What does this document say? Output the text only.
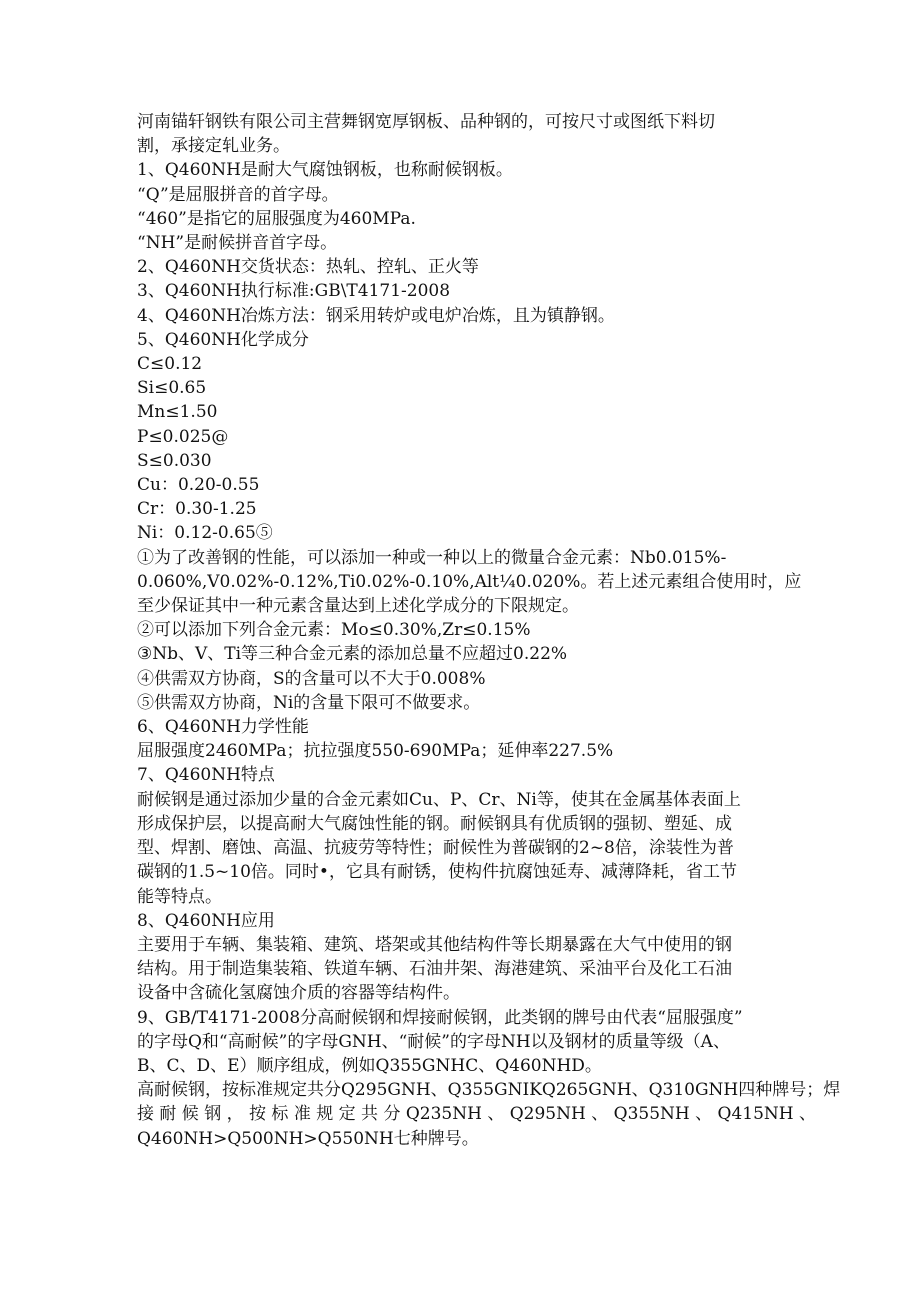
河南锚轩钢铁有限公司主营舞钢宽厚钢板、品种钢的，可按尺寸或图纸下料切
割，承接定轧业务。
1、Q460NH是耐大气腐蚀钢板，也称耐候钢板。
“Q”是屈服拼音的首字母。
“460”是指它的屈服强度为460MPa.
“NH”是耐候拼音首字母。
2、Q460NH交货状态：热轧、控轧、正火等
3、Q460NH执行标准:GB\T4171-2008
4、Q460NH冶炼方法：钢采用转炉或电炉冶炼，且为镇静钢。
5、Q460NH化学成分
C≤0.12
Si≤0.65
Mn≤1.50
P≤0.025@
S≤0.030
Cu：0.20-0.55
Cr：0.30-1.25
Ni：0.12-0.65⑤
①为了改善钢的性能，可以添加一种或一种以上的微量合金元素：Nb0.015%-
0.060%,V0.02%-0.12%,Ti0.02%-0.10%,Alt¼0.020%。若上述元素组合使用时，应
至少保证其中一种元素含量达到上述化学成分的下限规定。
②可以添加下列合金元素：Mo≤0.30%,Zr≤0.15%
③Nb、V、Ti等三种合金元素的添加总量不应超过0.22%
④供需双方协商，S的含量可以不大于0.008%
⑤供需双方协商，Ni的含量下限可不做要求。
6、Q460NH力学性能
屈服强度2460MPa；抗拉强度550-690MPa；延伸率227.5%
7、Q460NH特点
耐候钢是通过添加少量的合金元素如Cu、P、Cr、Ni等，使其在金属基体表面上
形成保护层，以提高耐大气腐蚀性能的钢。耐候钢具有优质钢的强韧、塑延、成
型、焊割、磨蚀、高温、抗疲劳等特性；耐候性为普碳钢的2~8倍，涂装性为普
碳钢的1.5~10倍。同时•，它具有耐锈，使构件抗腐蚀延寿、减薄降耗，省工节
能等特点。
8、Q460NH应用
主要用于车辆、集装箱、建筑、塔架或其他结构件等长期暴露在大气中使用的钢
结构。用于制造集装箱、铁道车辆、石油井架、海港建筑、采油平台及化工石油
设备中含硫化氢腐蚀介质的容器等结构件。
9、GB/T4171-2008分高耐候钢和焊接耐候钢，此类钢的牌号由代表“屈服强度”
的字母Q和“高耐候”的字母GNH、“耐候”的字母NH以及钢材的质量等级（A、
B、C、D、E）顺序组成，例如Q355GNHC、Q460NHD。
高耐候钢，按标准规定共分Q295GNH、Q355GNIKQ265GNH、Q310GNH四种牌号；焊
接 耐 候 钢 ， 按 标 准 规 定 共 分 Q235NH 、 Q295NH 、 Q355NH 、 Q415NH 、
Q460NH>Q500NH>Q550NH七种牌号。
